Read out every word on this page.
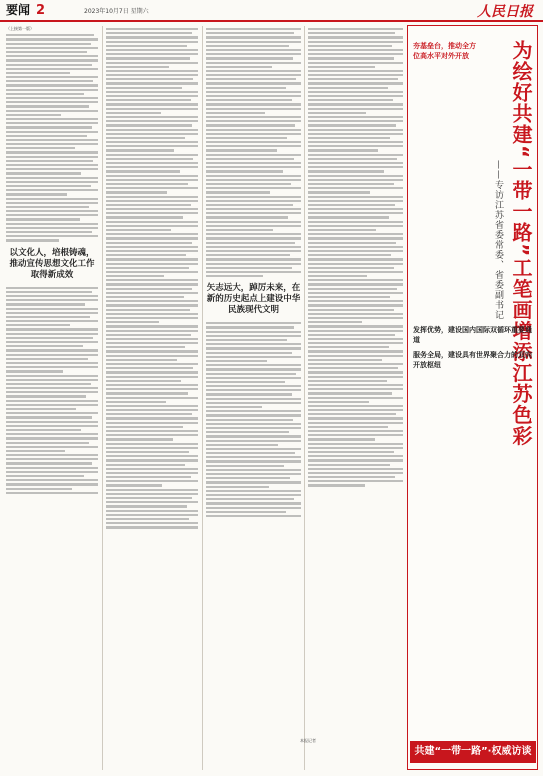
要闻 2	2023年10月7日 星期六	人民日报
（上接第一版）
以文化人，培根铸魂，推动宣传思想文化工作取得新成效
矢志远大，踔厉未来，在新的历史起点上建设中华民族现代文明	为绘好共建“一带一路”工笔画增添江苏色彩
——专访江苏省委常委、省委副书记
夯基垒台，推动全方位高水平对外开放
发挥优势，建设国内国际双循环重要通道
服务全局，建设具有世界聚合力的双向开放枢纽
本报记者
共建“一带一路”·权威访谈
